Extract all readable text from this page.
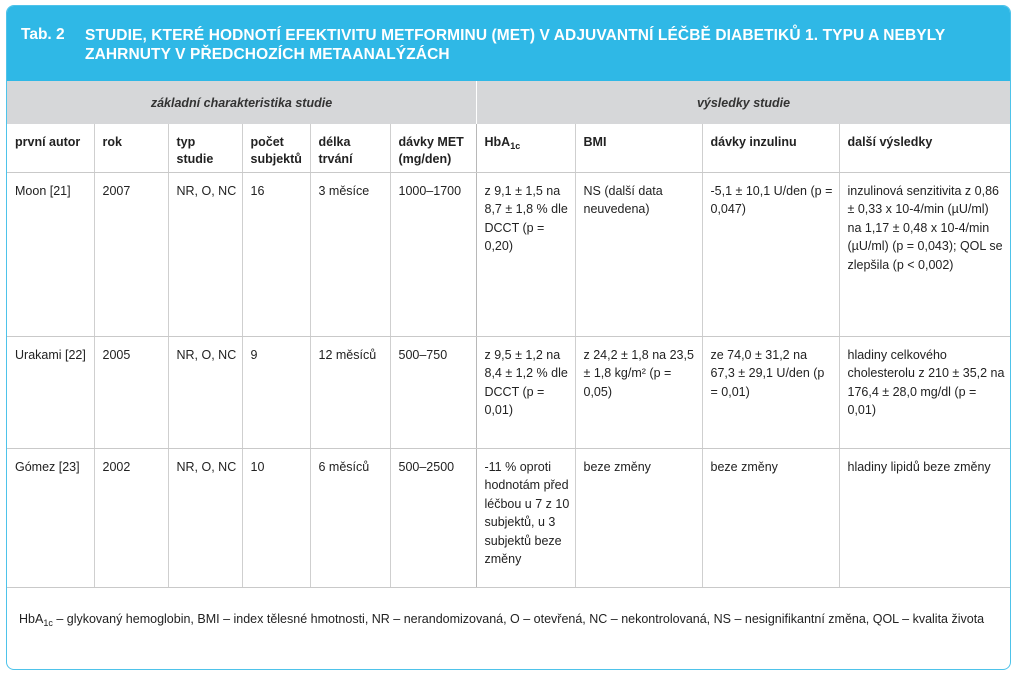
Tab. 2 STUDIE, KTERÉ HODNOTÍ EFEKTIVITU METFORMINU (MET) V ADJUVANTNÍ LÉČBĚ DIABETIKŮ 1. TYPU A NEBYLY ZAHRNUTY V PŘEDCHOZÍCH METAANALÝZÁCH
základní charakteristika studie	výsledky studie
první autor	rok	typ studie	počet subjektů	délka trvání	dávky MET (mg/den)	HbA$_{1c}$	BMI	dávky inzulinu	další výsledky
Moon [21]	2007	NR, O, NC	16	3 měsíce	1000–1700	z 9,1 ± 1,5 na 8,7 ± 1,8 % dle DCCT (p = 0,20)	NS (další data neuvedena)	-5,1 ± 10,1 U/den (p = 0,047)	inzulinová senzitivita z 0,86 ± 0,33 x 10-4/min (µU/ml) na 1,17 ± 0,48 x 10-4/min (µU/ml) (p = 0,043); QOL se zlepšila (p < 0,002)
Urakami [22]	2005	NR, O, NC	9	12 měsíců	500–750	z 9,5 ± 1,2 na 8,4 ± 1,2 % dle DCCT (p = 0,01)	z 24,2 ± 1,8 na 23,5 ± 1,8 kg/m² (p = 0,05)	ze 74,0 ± 31,2 na 67,3 ± 29,1 U/den (p = 0,01)	hladiny celkového cholesterolu z 210 ± 35,2 na 176,4 ± 28,0 mg/dl (p = 0,01)
Gómez [23]	2002	NR, O, NC	10	6 měsíců	500–2500	-11 % oproti hodnotám před léčbou u 7 z 10 subjektů, u 3 subjektů beze změny	beze změny	beze změny	hladiny lipidů beze změny
HbA$_{1c}$ – glykovaný hemoglobin, BMI – index tělesné hmotnosti, NR – nerandomizovaná, O – otevřená, NC – nekontrolovaná, NS – nesignifikantní změna, QOL – kvalita života
